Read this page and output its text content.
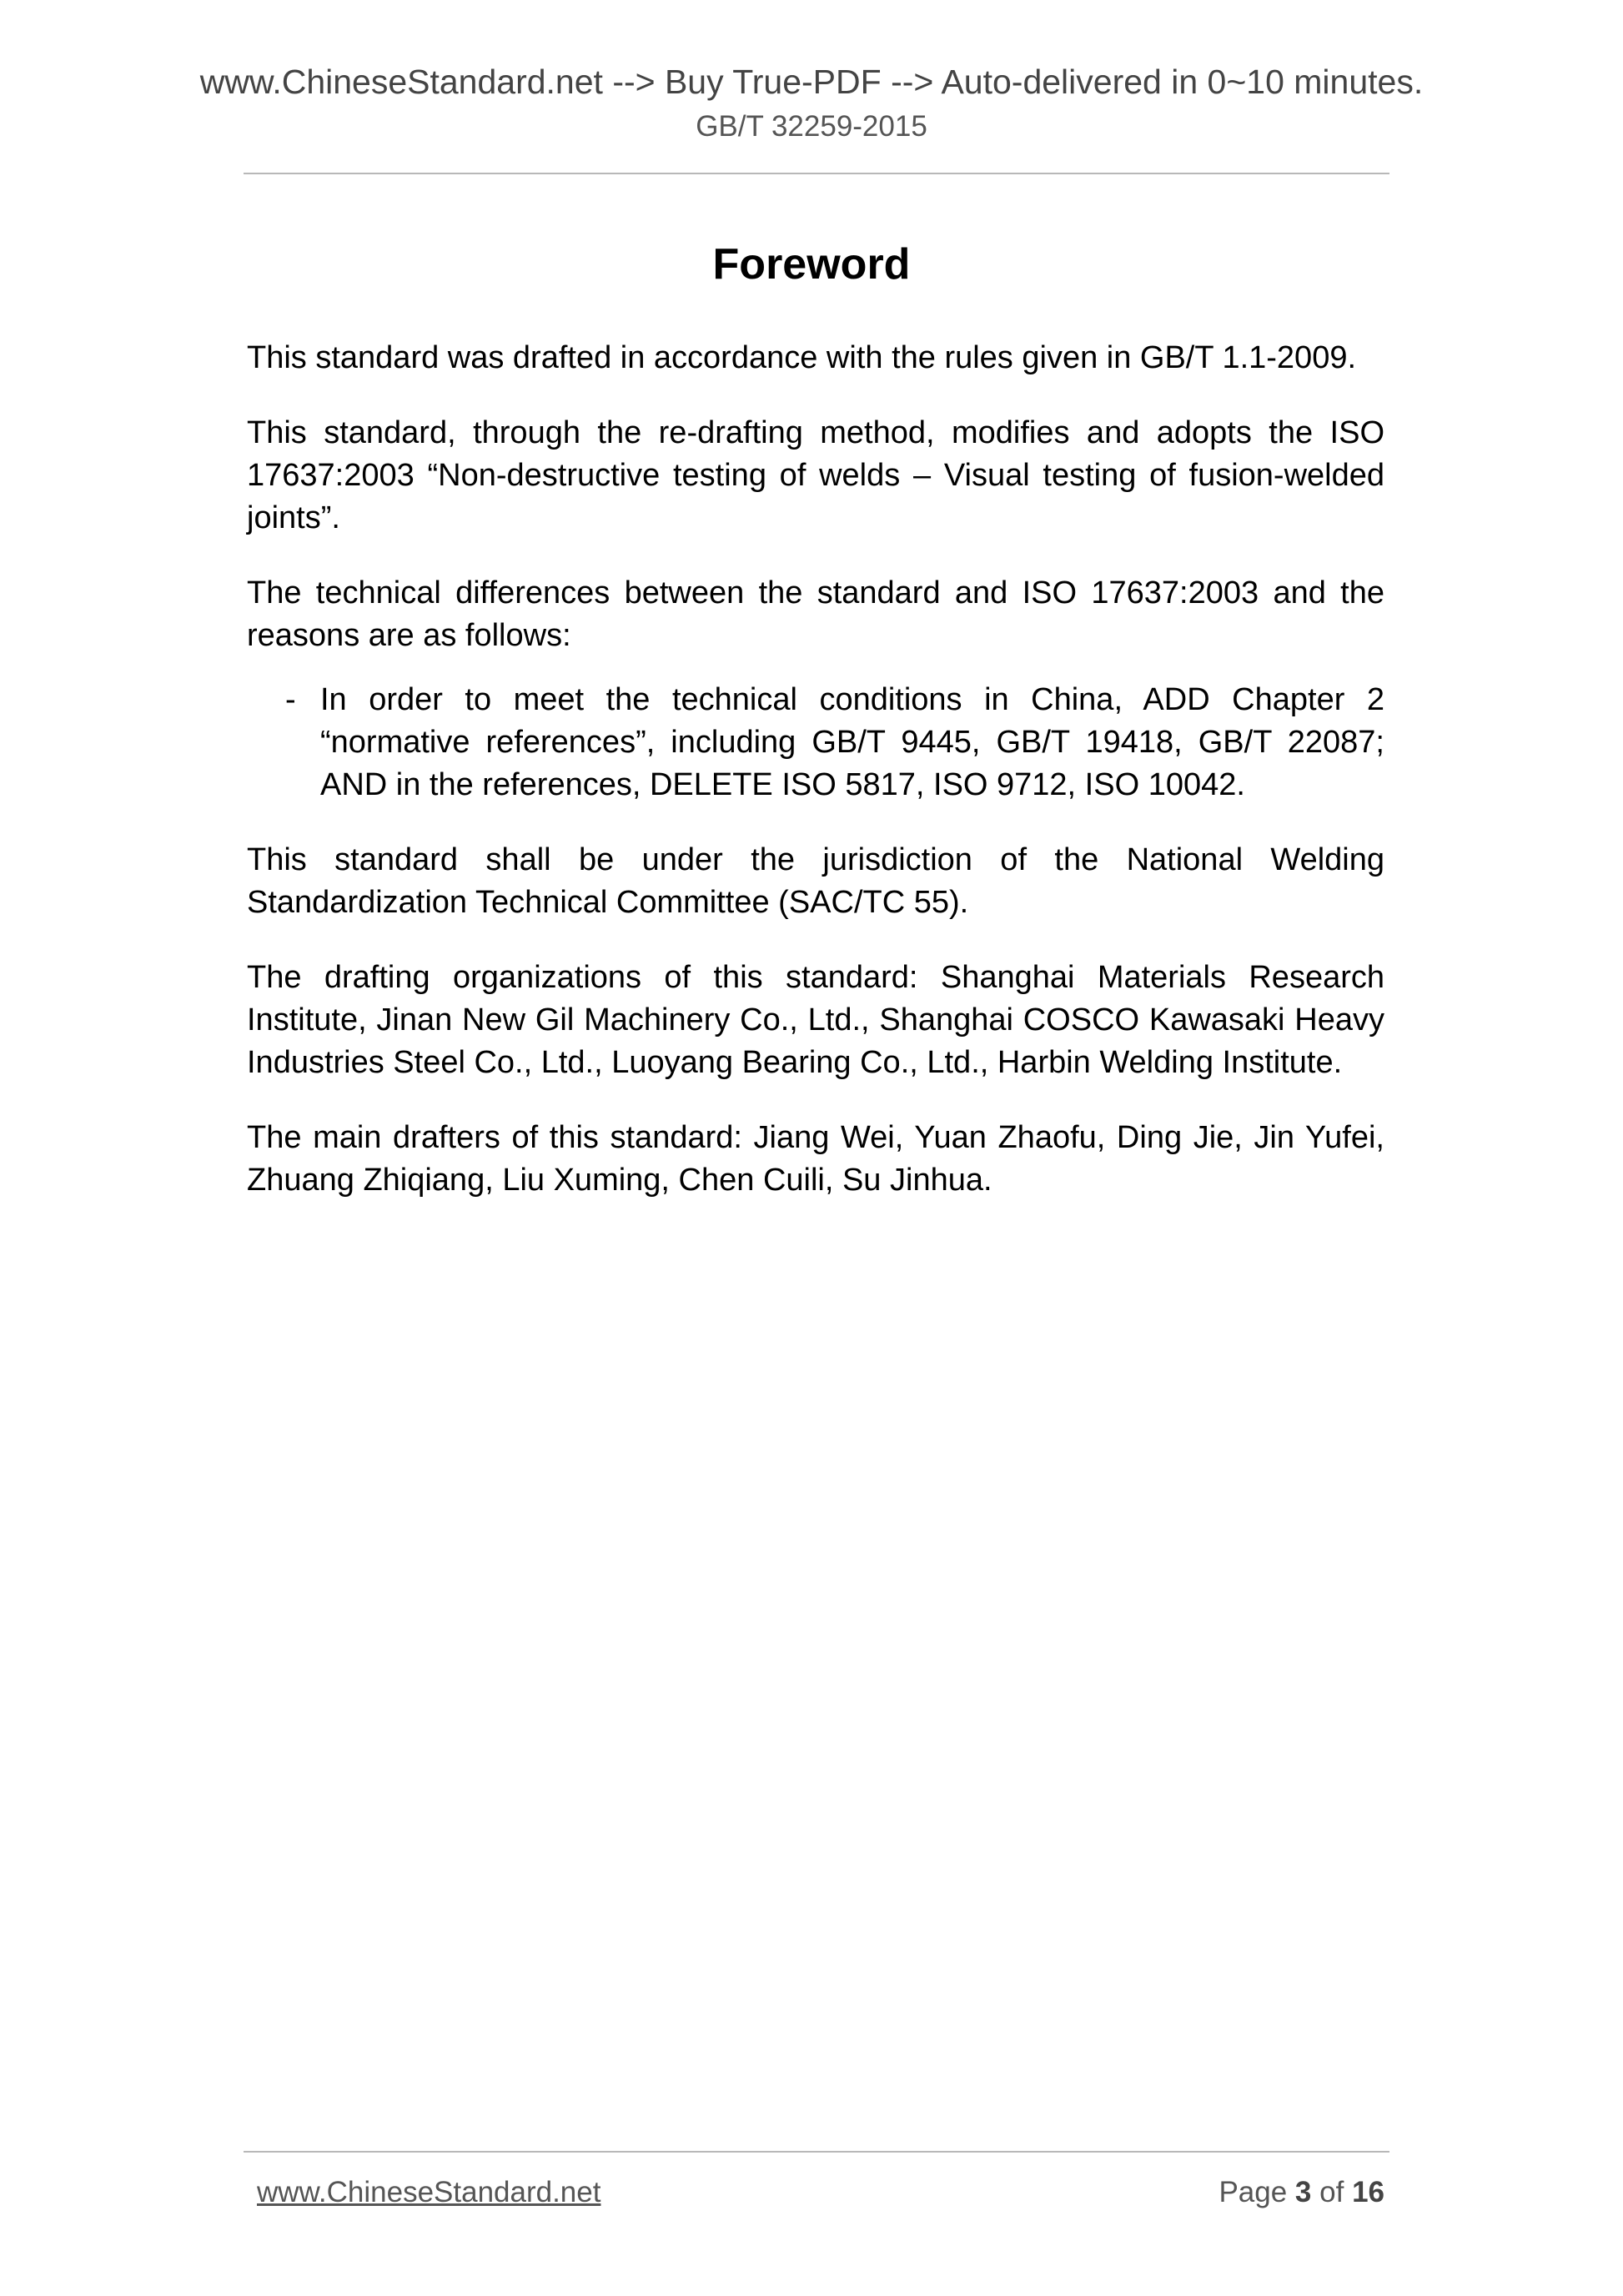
www.ChineseStandard.net --> Buy True-PDF --> Auto-delivered in 0~10 minutes.
GB/T 32259-2015
Foreword

This standard was drafted in accordance with the rules given in GB/T 1.1-2009.

This standard, through the re-drafting method, modifies and adopts the ISO 17637:2003 “Non-destructive testing of welds – Visual testing of fusion-welded joints”.

The technical differences between the standard and ISO 17637:2003 and the reasons are as follows:

- In order to meet the technical conditions in China, ADD Chapter 2 “normative references”, including GB/T 9445, GB/T 19418, GB/T 22087; AND in the references, DELETE ISO 5817, ISO 9712, ISO 10042.

This standard shall be under the jurisdiction of the National Welding Standardization Technical Committee (SAC/TC 55).

The drafting organizations of this standard: Shanghai Materials Research Institute, Jinan New Gil Machinery Co., Ltd., Shanghai COSCO Kawasaki Heavy Industries Steel Co., Ltd., Luoyang Bearing Co., Ltd., Harbin Welding Institute.

The main drafters of this standard: Jiang Wei, Yuan Zhaofu, Ding Jie, Jin Yufei, Zhuang Zhiqiang, Liu Xuming, Chen Cuili, Su Jinhua.

www.ChineseStandard.net	Page 3 of 16
